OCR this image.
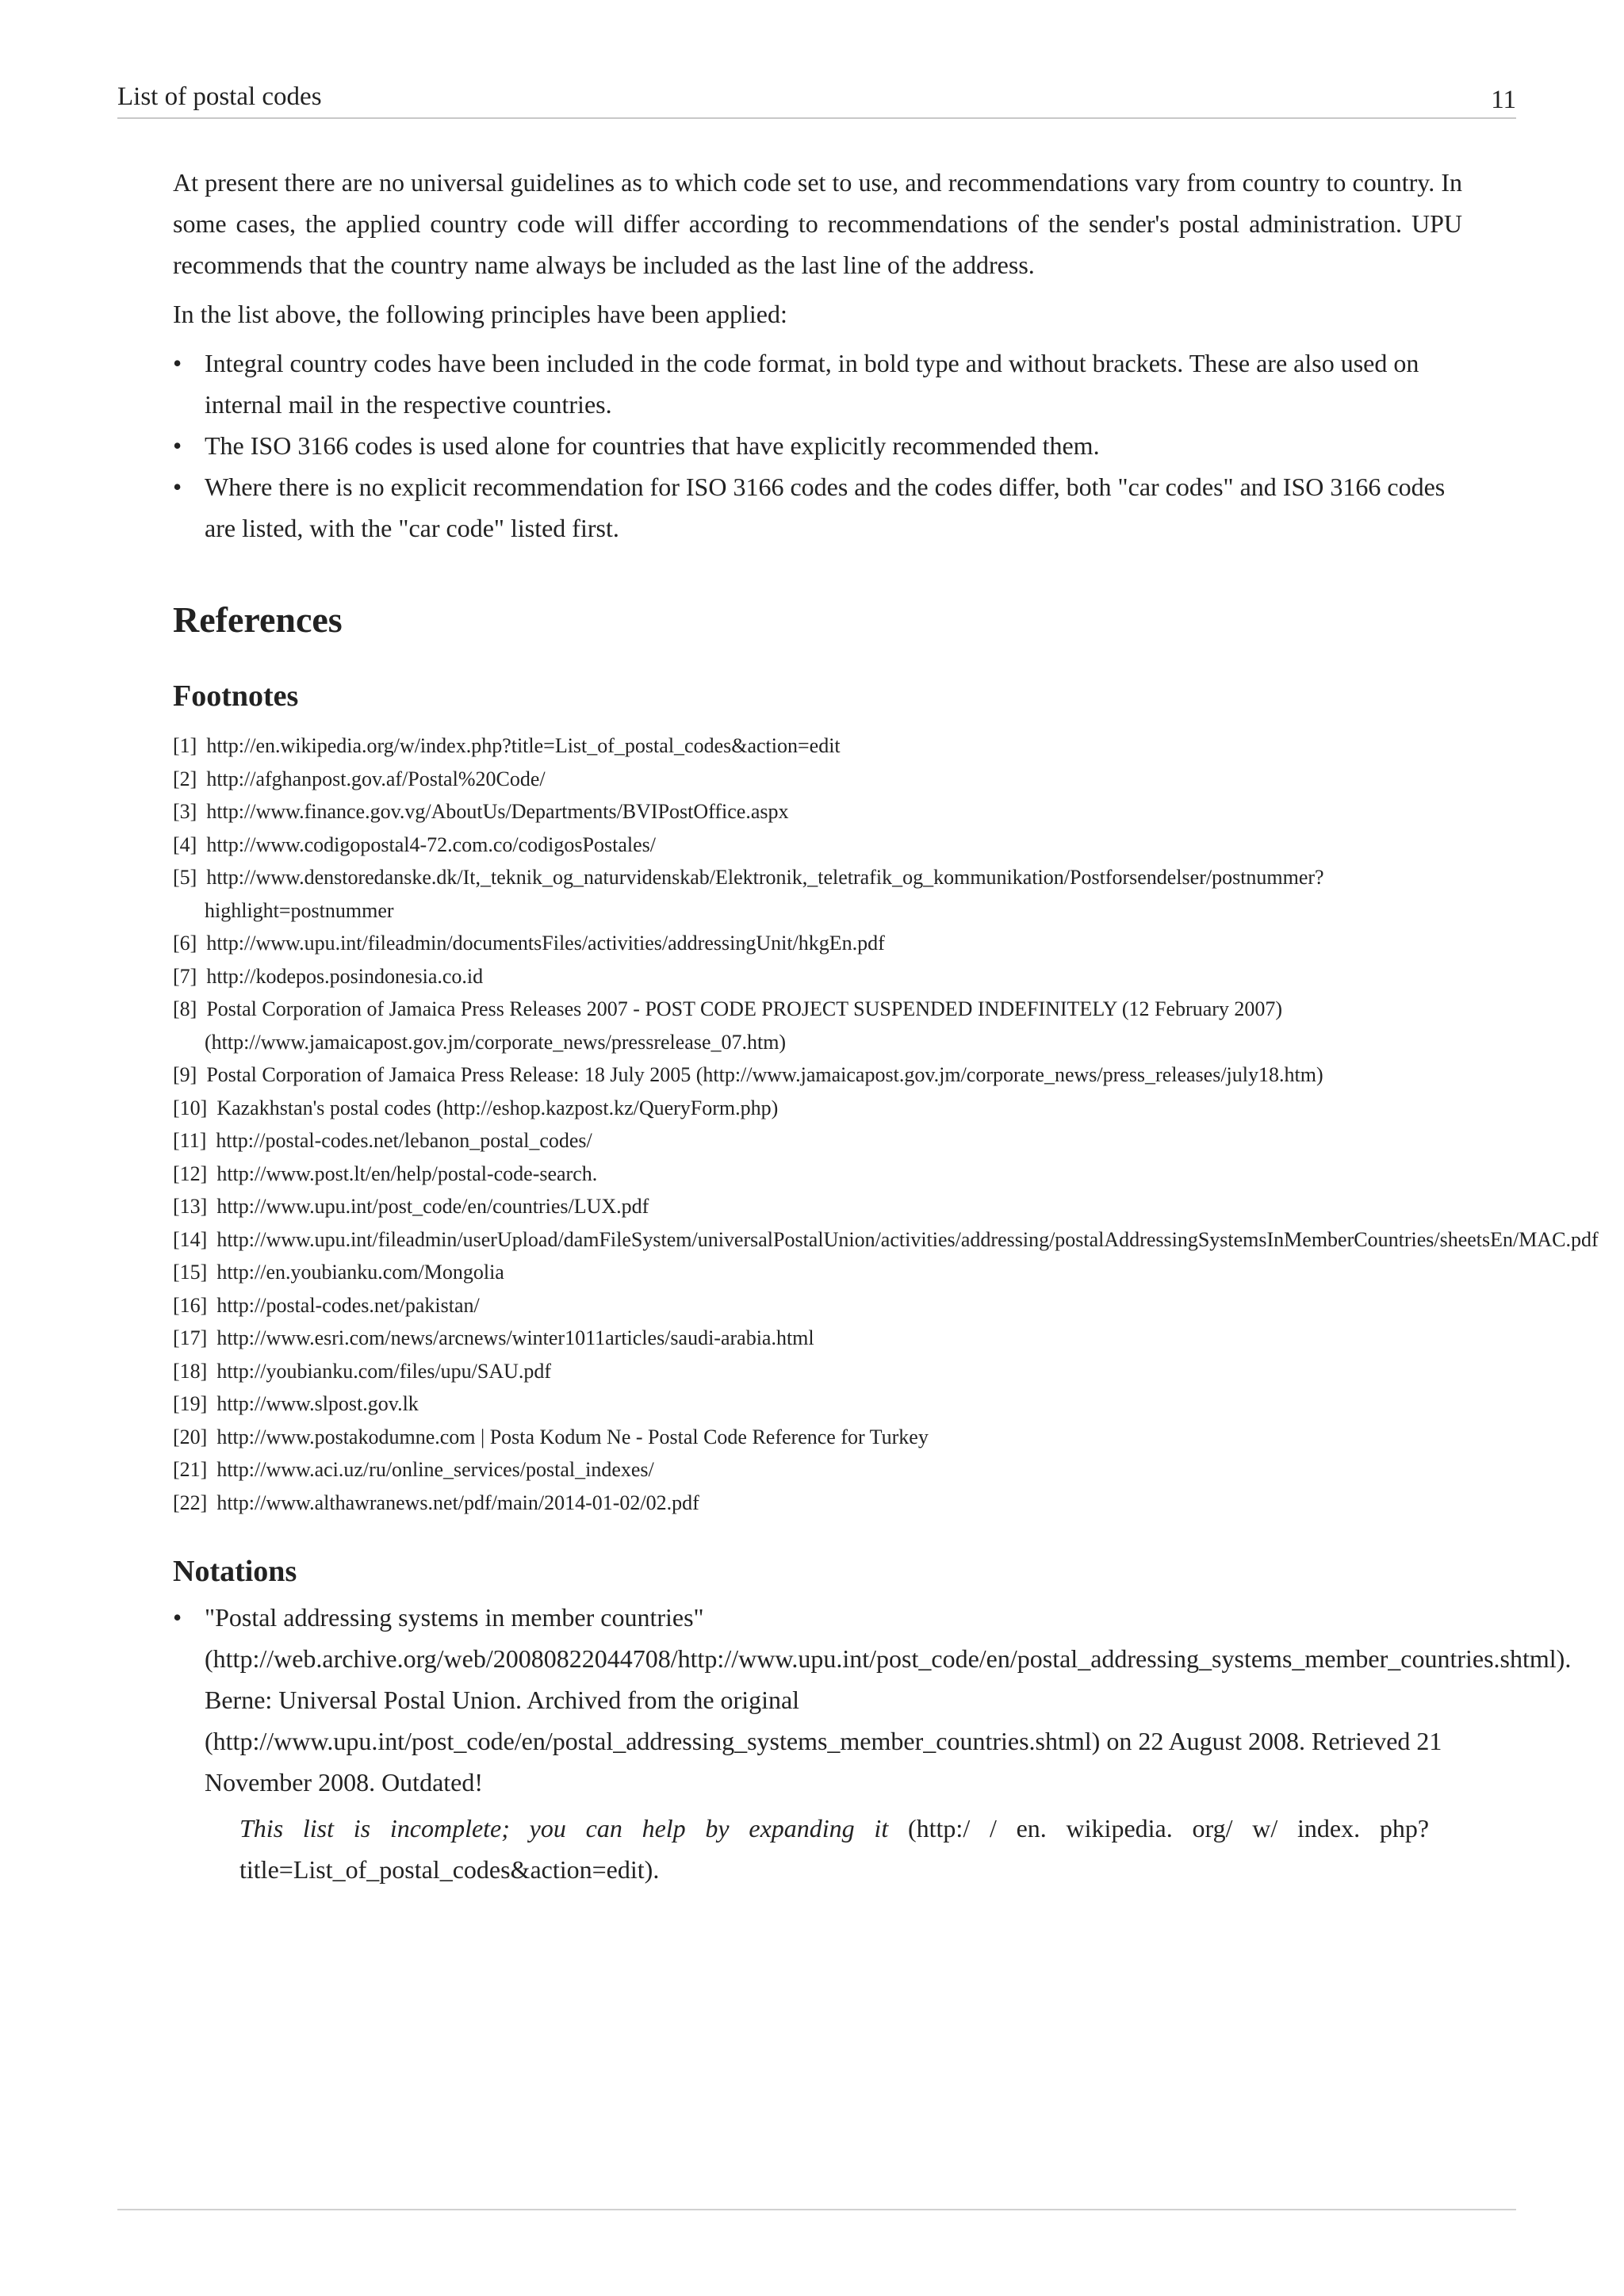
List of postal codes	11

At present there are no universal guidelines as to which code set to use, and recommendations vary from country to country. In some cases, the applied country code will differ according to recommendations of the sender's postal administration. UPU recommends that the country name always be included as the last line of the address.

In the list above, the following principles have been applied:

• Integral country codes have been included in the code format, in bold type and without brackets. These are also used on internal mail in the respective countries.
• The ISO 3166 codes is used alone for countries that have explicitly recommended them.
• Where there is no explicit recommendation for ISO 3166 codes and the codes differ, both "car codes" and ISO 3166 codes are listed, with the "car code" listed first.
References
Footnotes
[1] http://en.wikipedia.org/w/index.php?title=List_of_postal_codes&action=edit
[2] http://afghanpost.gov.af/Postal%20Code/
[3] http://www.finance.gov.vg/AboutUs/Departments/BVIPostOffice.aspx
[4] http://www.codigopostal4-72.com.co/codigosPostales/
[5] http://www.denstoredanske.dk/It,_teknik_og_naturvidenskab/Elektronik,_teletrafik_og_kommunikation/Postforsendelser/postnummer?highlight=postnummer
[6] http://www.upu.int/fileadmin/documentsFiles/activities/addressingUnit/hkgEn.pdf
[7] http://kodepos.posindonesia.co.id
[8] Postal Corporation of Jamaica Press Releases 2007 - POST CODE PROJECT SUSPENDED INDEFINITELY (12 February 2007) (http://www.jamaicapost.gov.jm/corporate_news/pressrelease_07.htm)
[9] Postal Corporation of Jamaica Press Release: 18 July 2005 (http://www.jamaicapost.gov.jm/corporate_news/press_releases/july18.htm)
[10] Kazakhstan's postal codes (http://eshop.kazpost.kz/QueryForm.php)
[11] http://postal-codes.net/lebanon_postal_codes/
[12] http://www.post.lt/en/help/postal-code-search.
[13] http://www.upu.int/post_code/en/countries/LUX.pdf
[14] http://www.upu.int/fileadmin/userUpload/damFileSystem/universalPostalUnion/activities/addressing/postalAddressingSystemsInMemberCountries/sheetsEn/MAC.pdf
[15] http://en.youbianku.com/Mongolia
[16] http://postal-codes.net/pakistan/
[17] http://www.esri.com/news/arcnews/winter1011articles/saudi-arabia.html
[18] http://youbianku.com/files/upu/SAU.pdf
[19] http://www.slpost.gov.lk
[20] http://www.postakodumne.com | Posta Kodum Ne - Postal Code Reference for Turkey
[21] http://www.aci.uz/ru/online_services/postal_indexes/
[22] http://www.althawranews.net/pdf/main/2014-01-02/02.pdf
Notations
• "Postal addressing systems in member countries" (http://web.archive.org/web/20080822044708/http://www.upu.int/post_code/en/postal_addressing_systems_member_countries.shtml). Berne: Universal Postal Union. Archived from the original (http://www.upu.int/post_code/en/postal_addressing_systems_member_countries.shtml) on 22 August 2008. Retrieved 21 November 2008. Outdated!

This list is incomplete; you can help by expanding it (http:/ / en. wikipedia. org/ w/ index. php?title=List_of_postal_codes&action=edit).
